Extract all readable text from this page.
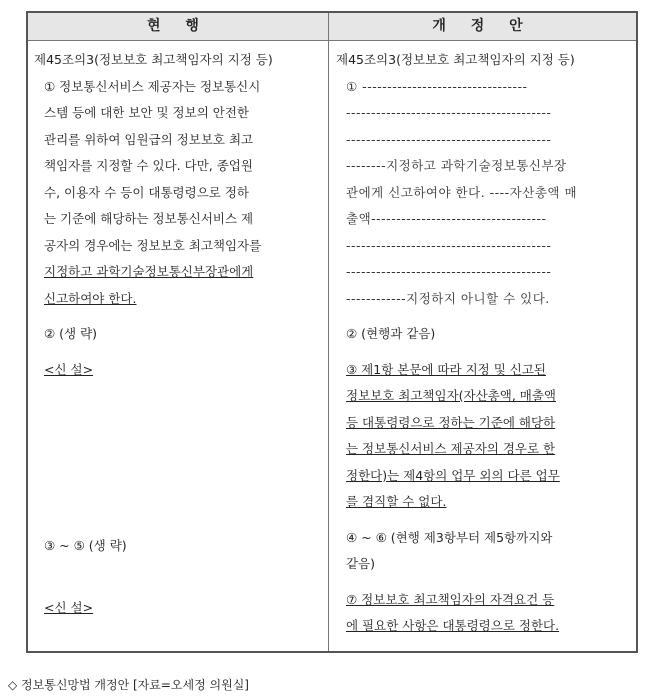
현 행	개 정 안

제45조의3(정보보호 최고책임자의 지정 등)

① 정보통신서비스 제공자는 정보통신시

스템 등에 대한 보안 및 정보의 안전한

관리를 위하여 임원급의 정보보호 최고

책임자를 지정할 수 있다. 다만, 종업원

수, 이용자 수 등이 대통령령으로 정하

는 기준에 해당하는 정보통신서비스 제

공자의 경우에는 정보보호 최고책임자를

지정하고 과학기술정보통신부장관에게

신고하여야 한다.

② (생 략)

<신 설>

③ ~ ⑤ (생 략)

<신 설>

제45조의3(정보보호 최고책임자의 지정 등)

① ---------------------------------

-----------------------------------------

-----------------------------------------

--------지정하고 과학기술정보통신부장

관에게 신고하여야 한다. ----자산총액 매

출액-----------------------------------

-----------------------------------------

-----------------------------------------

------------지정하지 아니할 수 있다.

② (현행과 같음)

③ 제1항 본문에 따라 지정 및 신고된

정보보호 최고책임자(자산총액, 매출액

등 대통령령으로 정하는 기준에 해당하

는 정보통신서비스 제공자의 경우로 한

정한다)는 제4항의 업무 외의 다른 업무

를 겸직할 수 없다.

④ ~ ⑥ (현행 제3항부터 제5항까지와

같음)

⑦ 정보보호 최고책임자의 자격요건 등

에 필요한 사항은 대통령령으로 정한다.

◇ 정보통신망법 개정안 [자료=오세정 의원실]
